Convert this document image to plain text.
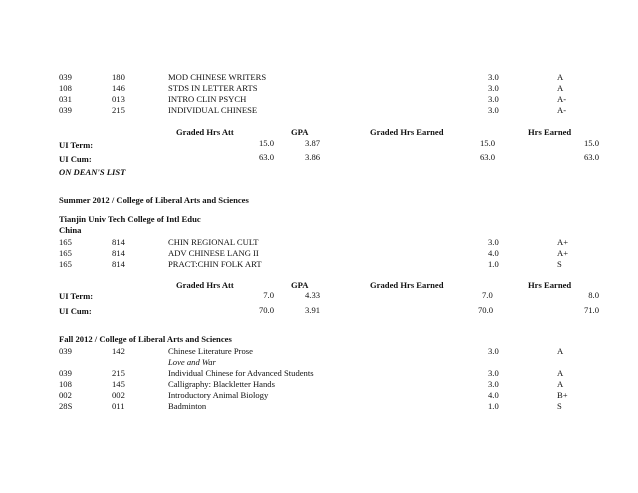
039	180	MOD CHINESE WRITERS	3.0	A
108	146	STDS IN LETTER ARTS	3.0	A
031	013	INTRO CLIN PSYCH	3.0	A-
039	215	INDIVIDUAL CHINESE	3.0	A-
Graded Hrs Att	GPA	Graded Hrs Earned	Hrs Earned
UI Term:	15.0	3.87	15.0	15.0
UI Cum:	63.0	3.86	63.0	63.0
ON DEAN'S LIST
Summer 2012 / College of Liberal Arts and Sciences
Tianjin Univ Tech College of Intl Educ
China
165	814	CHIN REGIONAL CULT	3.0	A+
165	814	ADV CHINESE LANG II	4.0	A+
165	814	PRACT:CHIN FOLK ART	1.0	S
Graded Hrs Att	GPA	Graded Hrs Earned	Hrs Earned
UI Term:	7.0	4.33	7.0	8.0
UI Cum:	70.0	3.91	70.0	71.0
Fall 2012 / College of Liberal Arts and Sciences
039	142	Chinese Literature Prose	3.0	A
Love and War
039	215	Individual Chinese for Advanced Students	3.0	A
108	145	Calligraphy: Blackletter Hands	3.0	A
002	002	Introductory Animal Biology	4.0	B+
28S	011	Badminton	1.0	S
